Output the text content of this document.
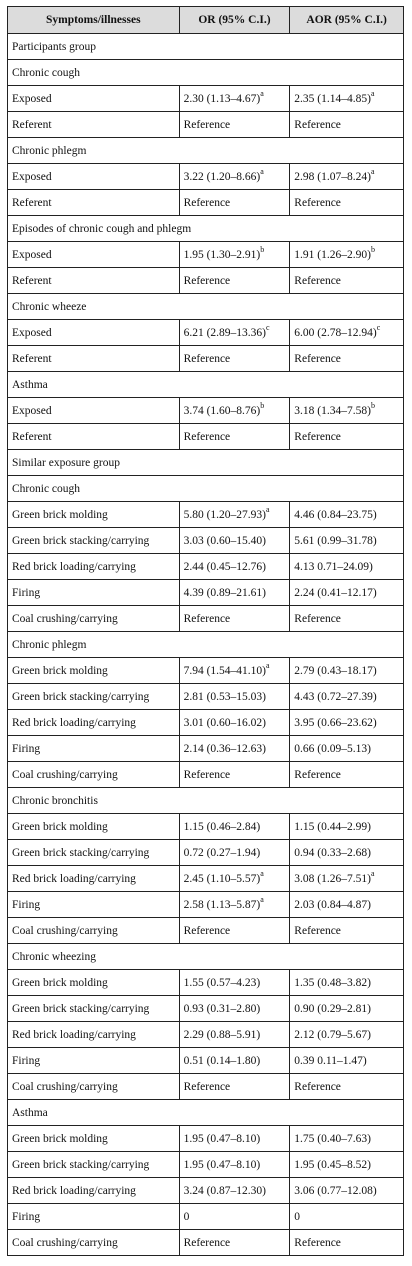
Symptoms/illnesses	OR (95% C.I.)	AOR (95% C.I.)
Participants group		
Chronic cough		
Exposed	2.30 $(1.13-4.67)^a$	2.35 $(1.14-4.85)^a$
Referent	Reference	Reference
Chronic phlegm		
Exposed	3.22 $(1.20-8.66)^a$	2.98 $(1.07-8.24)^a$
Referent	Reference	Reference
Episodes of chronic cough and phlegm		
Exposed	1.95 $(1.30-2.91)^b$	1.91 $(1.26-2.90)^b$
Referent	Reference	Reference
Chronic wheeze		
Exposed	6.21 $(2.89-13.36)^c$	6.00 $(2.78-12.94)^c$
Referent	Reference	Reference
Asthma		
Exposed	3.74 $(1.60-8.76)^b$	3.18 $(1.34-7.58)^b$
Referent	Reference	Reference
Similar exposure group		
Chronic cough		
Green brick molding	5.80 $(1.20-27.93)^a$	4.46 (0.84–23.75)
Green brick stacking/carrying	3.03 (0.60–15.40)	5.61 (0.99–31.78)
Red brick loading/carrying	2.44 (0.45–12.76)	4.13 0.71–24.09)
Firing	4.39 (0.89–21.61)	2.24 (0.41–12.17)
Coal crushing/carrying	Reference	Reference
Chronic phlegm		
Green brick molding	7.94 $(1.54-41.10)^a$	2.79 (0.43–18.17)
Green brick stacking/carrying	2.81 (0.53–15.03)	4.43 (0.72–27.39)
Red brick loading/carrying	3.01 (0.60–16.02)	3.95 (0.66–23.62)
Firing	2.14 (0.36–12.63)	0.66 (0.09–5.13)
Coal crushing/carrying	Reference	Reference
Chronic bronchitis		
Green brick molding	1.15 (0.46–2.84)	1.15 (0.44–2.99)
Green brick stacking/carrying	0.72 (0.27–1.94)	0.94 (0.33–2.68)
Red brick loading/carrying	2.45 $(1.10-5.57)^a$	3.08 $(1.26-7.51)^a$
Firing	2.58 $(1.13-5.87)^a$	2.03 (0.84–4.87)
Coal crushing/carrying	Reference	Reference
Chronic wheezing		
Green brick molding	1.55 (0.57–4.23)	1.35 (0.48–3.82)
Green brick stacking/carrying	0.93 (0.31–2.80)	0.90 (0.29–2.81)
Red brick loading/carrying	2.29 (0.88–5.91)	2.12 (0.79–5.67)
Firing	0.51 (0.14–1.80)	0.39 0.11–1.47)
Coal crushing/carrying	Reference	Reference
Asthma		
Green brick molding	1.95 (0.47–8.10)	1.75 (0.40–7.63)
Green brick stacking/carrying	1.95 (0.47–8.10)	1.95 (0.45–8.52)
Red brick loading/carrying	3.24 (0.87–12.30)	3.06 (0.77–12.08)
Firing	0	0
Coal crushing/carrying	Reference	Reference
